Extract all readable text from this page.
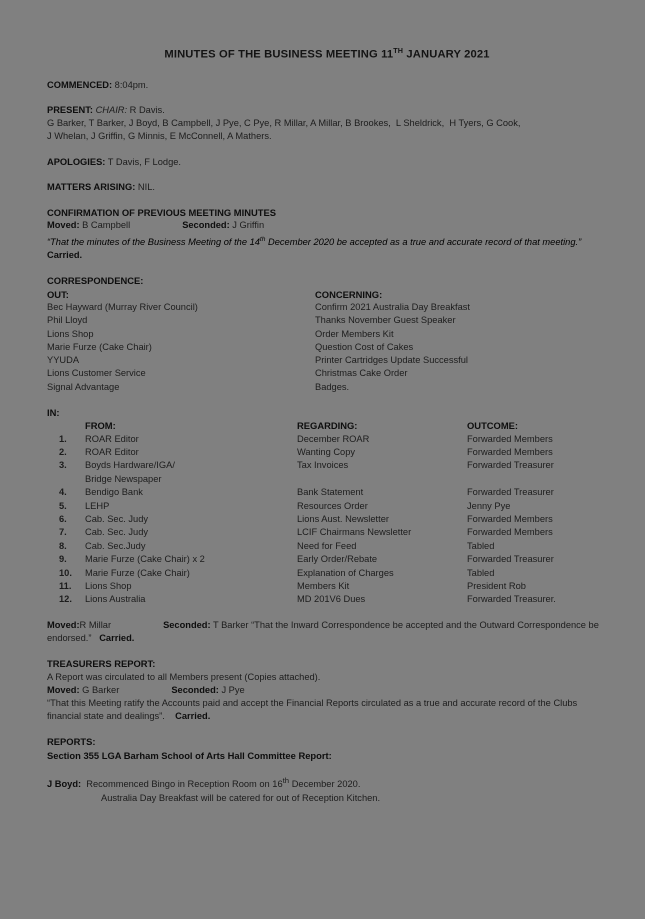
MINUTES OF THE BUSINESS MEETING 11TH JANUARY 2021
COMMENCED: 8:04pm.
PRESENT: CHAIR: R Davis.
G Barker, T Barker, J Boyd, B Campbell, J Pye, C Pye, R Millar, A Millar, B Brookes,  L Sheldrick,  H Tyers, G Cook,
J Whelan, J Griffin, G Minnis, E McConnell, A Mathers.
APOLOGIES: T Davis, F Lodge.
MATTERS ARISING: NIL.
CONFIRMATION OF PREVIOUS MEETING MINUTES
Moved: B Campbell	Seconded: J Griffin
“That the minutes of the Business Meeting of the 14th December 2020 be accepted as a true and accurate record of that meeting.” Carried.
CORRESPONDENCE:
OUT:	CONCERNING:
Bec Hayward (Murray River Council)	Confirm 2021 Australia Day Breakfast
Phil Lloyd	Thanks November Guest Speaker
Lions Shop	Order Members Kit
Marie Furze (Cake Chair)	Question Cost of Cakes
YYUDA	Printer Cartridges Update Successful
Lions Customer Service	Christmas Cake Order
Signal Advantage	Badges.
IN:
	FROM:	REGARDING:	OUTCOME:
1.	ROAR Editor	December ROAR	Forwarded Members
2.	ROAR Editor	Wanting Copy	Forwarded Members
3.	Boyds Hardware/IGA/	Tax Invoices	Forwarded Treasurer
	Bridge Newspaper		
4.	Bendigo Bank	Bank Statement	Forwarded Treasurer
5.	LEHP	Resources Order	Jenny Pye
6.	Cab. Sec. Judy	Lions Aust. Newsletter	Forwarded Members
7.	Cab. Sec. Judy	LCIF Chairmans Newsletter	Forwarded Members
8.	Cab. Sec.Judy	Need for Feed	Tabled
9.	Marie Furze (Cake Chair) x 2	Early Order/Rebate	Forwarded Treasurer
10.	Marie Furze (Cake Chair)	Explanation of Charges	Tabled
11.	Lions Shop	Members Kit	President Rob
12.	Lions Australia	MD 201V6 Dues	Forwarded Treasurer.
Moved:R Millar	Seconded: T Barker “That the Inward Correspondence be accepted and the Outward Correspondence be endorsed.”   Carried.
TREASURERS REPORT:
A Report was circulated to all Members present (Copies attached).
Moved: G Barker	Seconded: J Pye
“That this Meeting ratify the Accounts paid and accept the Financial Reports circulated as a true and accurate record of the Clubs financial state and dealings”.    Carried.
REPORTS:
Section 355 LGA Barham School of Arts Hall Committee Report:
J Boyd:  Recommenced Bingo in Reception Room on 16th December 2020.
Australia Day Breakfast will be catered for out of Reception Kitchen.
